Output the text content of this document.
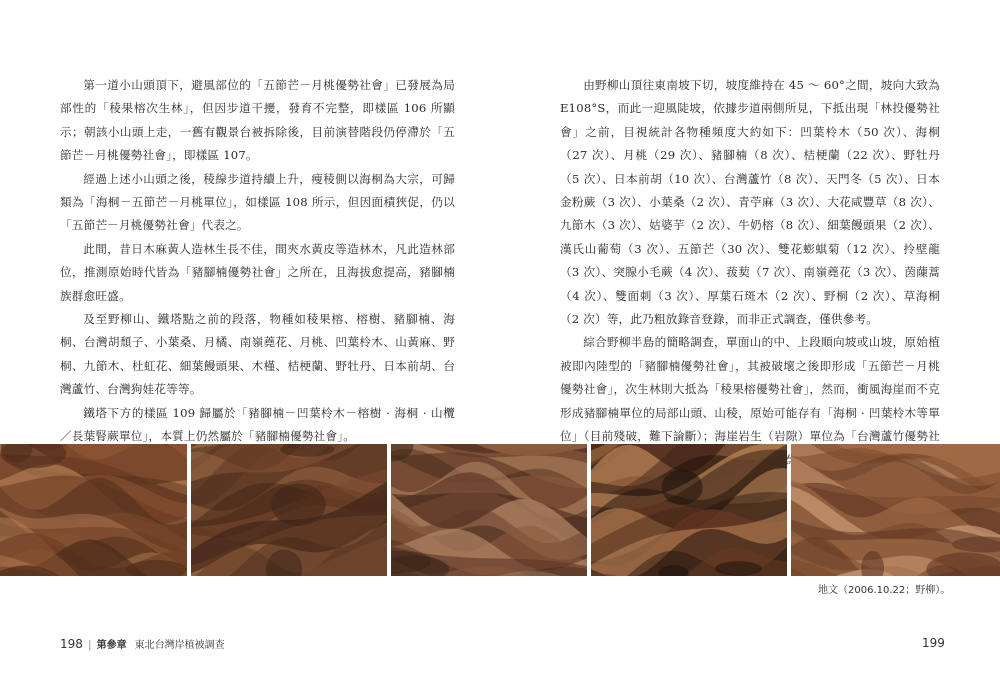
第一道小山頭頂下，避風部位的「五節芒－月桃優勢社會」已發展為局部性的「稜果榕次生林」，但因步道干擾，發育不完整，即樣區 106 所顯示；朝該小山頭上走，一舊有觀景台被拆除後，目前演替階段仍停滯於「五節芒－月桃優勢社會」，即樣區 107。

經過上述小山頭之後，稜線步道持續上升，瘦稜側以海桐為大宗，可歸類為「海桐－五節芒－月桃單位」，如樣區 108 所示，但因面積狹促，仍以「五節芒－月桃優勢社會」代表之。

此間，昔日木麻黃人造林生長不佳，間夾水黃皮等造林木，凡此造林部位，推測原始時代皆為「豬腳楠優勢社會」之所在，且海拔愈提高，豬腳楠族群愈旺盛。

及至野柳山、鐵塔點之前的段落，物種如稜果榕、榕樹、豬腳楠、海桐、台灣胡頹子、小葉桑、月橘、南嶺蕘花、月桃、凹葉柃木、山黃麻、野桐、九節木、杜虹花、細葉饅頭果、木槿、桔梗蘭、野牡丹、日本前胡、台灣蘆竹、台灣狗娃花等等。

鐵塔下方的樣區 109 歸屬於「豬腳楠－凹葉柃木－榕樹 · 海桐 · 山欖／長葉腎蕨單位」，本質上仍然屬於「豬腳楠優勢社會」。

由野柳山頂往東南坡下切，坡度維持在 45 ～ 60°之間，坡向大致為 E108°S，而此一迎風陡坡，依據步道兩側所見，下抵出現「林投優勢社會」之前，目視統計各物種頻度大約如下：凹葉柃木（50 次）、海桐（27 次）、月桃（29 次）、豬腳楠（8 次）、桔梗蘭（22 次）、野牡丹（5 次）、日本前胡（10 次）、台灣蘆竹（8 次）、天門冬（5 次）、日本金粉蕨（3 次）、小葉桑（2 次）、青苧麻（3 次）、大花咸豐草（8 次）、九節木（3 次）、姑婆芋（2 次）、牛奶榕（8 次）、細葉饅頭果（2 次）、漢氏山葡萄（3 次）、五節芒（30 次）、雙花蟛蜞菊（12 次）、拎壁龍（3 次）、突腺小毛蕨（4 次）、菝葜（7 次）、南嶺蕘花（3 次）、茵蔯蒿（4 次）、雙面刺（3 次）、厚葉石斑木（2 次）、野桐（2 次）、草海桐（2 次）等，此乃粗放錄音登錄，而非正式調查，僅供參考。

綜合野柳半島的簡略調查，單面山的中、上段順向坡或山坡，原始植被即內陸型的「豬腳楠優勢社會」，其被破壞之後即形成「五節芒－月桃優勢社會」，次生林則大抵為「稜果榕優勢社會」，然而，衝風海崖而不克形成豬腳楠單位的局部山頭、山稜，原始可能存有「海桐 · 凹葉柃木等單位」（目前殘破，難下論斷）；海崖岩生（岩隙）單位為「台灣蘆竹優勢社 勢社會」為代表；小

地文（2006.10.22；野柳）。
198 | 第參章 東北台灣岸植被調查	199
